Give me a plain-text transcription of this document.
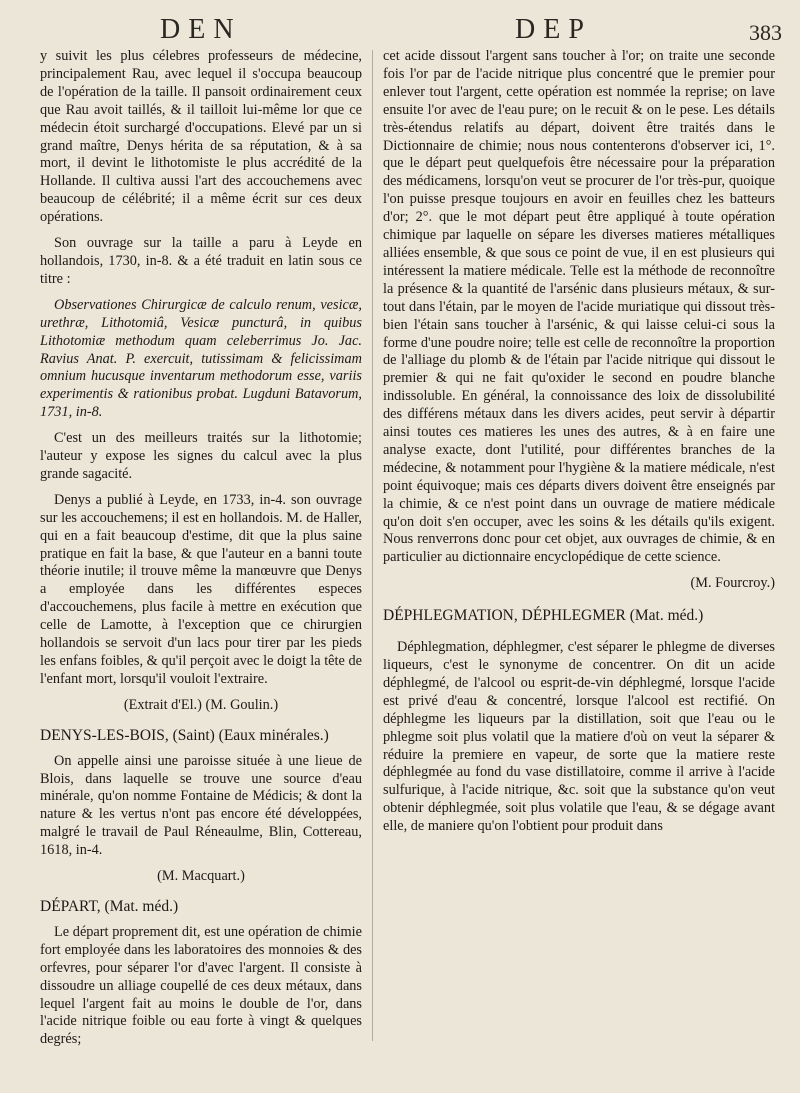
DEN	DEP	383

y suivit les plus célebres professeurs de médecine, principalement Rau, avec lequel il s'occupa beaucoup de l'opération de la taille. Il pansoit ordinairement ceux que Rau avoit taillés, & il tailloit lui-même lor que ce médecin étoit surchargé d'occupations. Elevé par un si grand maître, Denys hérita de sa réputation, & à sa mort, il devint le lithotomiste le plus accrédité de la Hollande. Il cultiva aussi l'art des accouchemens avec beaucoup de célébrité; il a même écrit sur ces deux opérations.

Son ouvrage sur la taille a paru à Leyde en hollandois, 1730, in-8. & a été traduit en latin sous ce titre :

Observationes Chirurgicæ de calculo renum, vesicæ, urethræ, Lithotomiâ, Vesicæ puncturâ, in quibus Lithotomiæ methodum quam celeberrimus Jo. Jac. Ravius Anat. P. exercuit, tutissimam & felicissimam omnium hucusque inventarum methodorum esse, variis experimentis & rationibus probat. Lugduni Batavorum, 1731, in-8.

C'est un des meilleurs traités sur la lithotomie; l'auteur y expose les signes du calcul avec la plus grande sagacité.

Denys a publié à Leyde, en 1733, in-4. son ouvrage sur les accouchemens; il est en hollandois. M. de Haller, qui en a fait beaucoup d'estime, dit que la plus saine pratique en fait la base, & que l'auteur en a banni toute théorie inutile; il trouve même la manœuvre que Denys a employée dans les différentes especes d'accouchemens, plus facile à mettre en exécution que celle de Lamotte, à l'exception que ce chirurgien hollandois se servoit d'un lacs pour tirer par les pieds les enfans foibles, & qu'il perçoit avec le doigt la tête de l'enfant mort, lorsqu'il vouloit l'extraire.

(Extrait d'El.) (M. Goulin.)

DENYS-LES-BOIS, (Saint) (Eaux minérales.)

On appelle ainsi une paroisse située à une lieue de Blois, dans laquelle se trouve une source d'eau minérale, qu'on nomme Fontaine de Médicis; & dont la nature & les vertus n'ont pas encore été développées, malgré le travail de Paul Réneaulme, Blin, Cottereau, 1618, in-4.

(M. Macquart.)

DÉPART, (Mat. méd.)

Le départ proprement dit, est une opération de chimie fort employée dans les laboratoires des monnoies & des orfevres, pour séparer l'or d'avec l'argent. Il consiste à dissoudre un alliage coupellé de ces deux métaux, dans lequel l'argent fait au moins le double de l'or, dans l'acide nitrique foible ou eau forte à vingt & quelques degrés;

cet acide dissout l'argent sans toucher à l'or; on traite une seconde fois l'or par de l'acide nitrique plus concentré que le premier pour enlever tout l'argent, cette opération est nommée la reprise; on lave ensuite l'or avec de l'eau pure; on le recuit & on le pese. Les détails très-étendus relatifs au départ, doivent être traités dans le Dictionnaire de chimie; nous nous contenterons d'observer ici, 1°. que le départ peut quelquefois être nécessaire pour la préparation des médicamens, lorsqu'on veut se procurer de l'or très-pur, quoique l'on puisse presque toujours en avoir en feuilles chez les batteurs d'or; 2°. que le mot départ peut être appliqué à toute opération chimique par laquelle on sépare les diverses matieres métalliques alliées ensemble, & que sous ce point de vue, il en est plusieurs qui intéressent la matiere médicale. Telle est la méthode de reconnoître la présence & la quantité de l'arsénic dans plusieurs métaux, & sur-tout dans l'étain, par le moyen de l'acide muriatique qui dissout très-bien l'étain sans toucher à l'arsénic, & qui laisse celui-ci sous la forme d'une poudre noire; telle est celle de reconnoître la proportion de l'alliage du plomb & de l'étain par l'acide nitrique qui dissout le premier & qui ne fait qu'oxider le second en poudre blanche indissoluble. En général, la connoissance des loix de dissolubilité des différens métaux dans les divers acides, peut servir à départir ainsi toutes ces matieres les unes des autres, & à en faire une analyse exacte, dont l'utilité, pour différentes branches de la médecine, & notamment pour l'hygiène & la matiere médicale, n'est point équivoque; mais ces départs divers doivent être enseignés par la chimie, & ce n'est point dans un ouvrage de matiere médicale qu'on doit s'en occuper, avec les soins & les détails qu'ils exigent. Nous renverrons donc pour cet objet, aux ouvrages de chimie, & en particulier au dictionnaire encyclopédique de cette science.

(M. Fourcroy.)

DÉPHLEGMATION, DÉPHLEGMER (Mat. méd.)

Déphlegmation, déphlegmer, c'est séparer le phlegme de diverses liqueurs, c'est le synonyme de concentrer. On dit un acide déphlegmé, de l'alcool ou esprit-de-vin déphlegmé, lorsque l'acide est privé d'eau & concentré, lorsque l'alcool est rectifié. On déphlegme les liqueurs par la distillation, soit que l'eau ou le phlegme soit plus volatil que la matiere d'où on veut la séparer & réduire la premiere en vapeur, de sorte que la matiere reste déphlegmée au fond du vase distillatoire, comme il arrive à l'acide sulfurique, à l'acide nitrique, &c. soit que la substance qu'on veut obtenir déphlegmée, soit plus volatile que l'eau, & se dégage avant elle, de maniere qu'on l'obtient pour produit dans
